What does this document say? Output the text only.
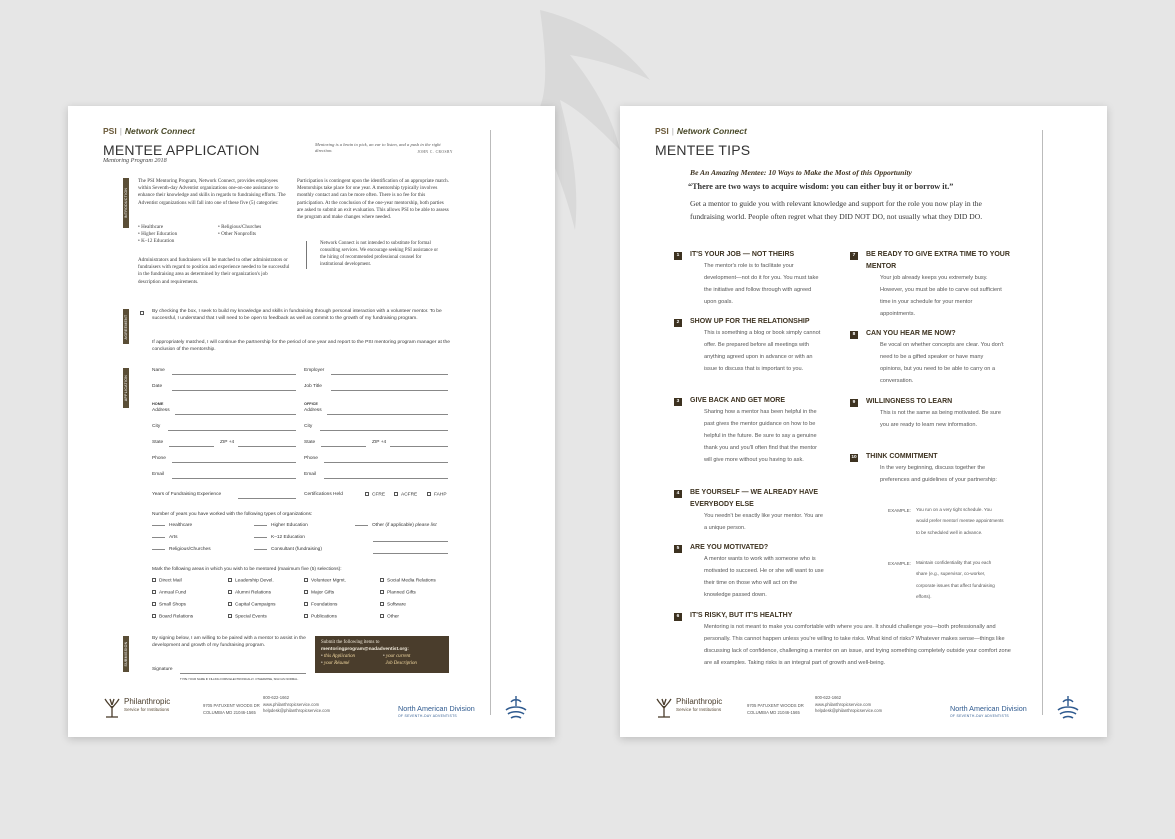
PSI | Network Connect
MENTEE APPLICATION
Mentoring Program 2018
Mentoring is a brain to pick, an ear to listen, and a push in the right direction.	JOHN C. CROSBY
INTRODUCTION
The PSI Mentoring Program, Network Connect, provides employees within Seventh-day Adventist organizations one-on-one assistance to enhance their knowledge and skills in regards to fundraising efforts. The Adventist organizations will fall into one of these five (5) categories:
• Healthcare
• Higher Education
• K–12 Education
• Religious/Churches
• Other Nonprofits
Administrators and fundraisers will be matched to other administrators or fundraisers with regard to position and experience needed to be successful in the fundraising area as determined by their organization's job description and requirements.
Participation is contingent upon the identification of an appropriate match. Mentorships take place for one year. A mentorship typically involves monthly contact and can be more often. There is no fee for this participation. At the conclusion of the one-year mentorship, both parties are asked to submit an exit evaluation. This allows PSI to be able to assess the program and make changes where needed.
Network Connect is not intended to substitute for formal consulting services. We encourage seeking PSI assistance or the hiring of recommended professional counsel for institutional development.
AGREEMENT
By checking the box, I seek to build my knowledge and skills in fundraising through personal interaction with a volunteer mentor. To be successful, I understand that I will need to be open to feedback as well as commit to the growth of my fundraising program.
If appropriately matched, I will continue the partnership for the period of one year and report to the PSI mentoring program manager at the conclusion of the mentorship.
APPLICATION
Name	Employer
Date	Job Title
HOME	OFFICE
Address	Address
City	City
State	ZIP +4	State	ZIP +4
Phone	Phone
Email	Email
Years of Fundraising Experience	Certifications Held	CFRE	ACFRE	FAHP
Number of years you have worked with the following types of organizations:
Healthcare	Higher Education	Other (if applicable) please list
Arts	K–12 Education
Religious/Churches	Consultant (fundraising)
Mark the following areas in which you wish to be mentored (maximum five (5) selections):
Direct Mail	Leadership Devel.	Volunteer Mgmt.	Social Media Relations
Annual Fund	Alumni Relations	Major Gifts	Planned Gifts
Small Shops	Capital Campaigns	Foundations	Software
Board Relations	Special Events	Publications	Other
SUBMISSION
By signing below, I am willing to be paired with a mentor to assist in the development and growth of my fundraising program.
Signature
TYPE YOUR NAME IF FILLING FORM ELECTRONICALLY. OTHERWISE, SIGN AS NORMAL.
Submit the following items to
mentoringprogram@nadadventist.org:
• this Application	• your current
• your Résumé	Job Description
Philanthropic
Service for Institutions
9705 PATUXENT WOODS DR
COLUMBIA MD 21046-1565
800-622-1662
www.philanthropicservice.com
helpdesk@philanthropicservice.com	North American Division
OF SEVENTH-DAY ADVENTISTS
PSI | Network Connect
MENTEE TIPS
Be An Amazing Mentee: 10 Ways to Make the Most of this Opportunity
“There are two ways to acquire wisdom: you can either buy it or borrow it.”
Get a mentor to guide you with relevant knowledge and support for the role you now play in the fundraising world. People often regret what they DID NOT DO, not usually what they DID DO.
1	IT'S YOUR JOB — NOT THEIRS
The mentor's role is to facilitate your development—not do it for you. You must take the initiative and follow through with agreed upon goals.
2	SHOW UP FOR THE RELATIONSHIP
This is something a blog or book simply cannot offer. Be prepared before all meetings with anything agreed upon in advance or with an issue to discuss that is important to you.
3	GIVE BACK AND GET MORE
Sharing how a mentor has been helpful in the past gives the mentor guidance on how to be helpful in the future. Be sure to say a genuine thank you and you'll often find that the mentor will give more without you having to ask.
4	BE YOURSELF — WE ALREADY HAVE EVERYBODY ELSE
You needn't be exactly like your mentor. You are a unique person.
5	ARE YOU MOTIVATED?
A mentor wants to work with someone who is motivated to succeed. He or she will want to use their time on those who will act on the knowledge passed down.
6	IT'S RISKY, BUT IT'S HEALTHY
Mentoring is not meant to make you comfortable with where you are. It should challenge you—both professionally and personally. This cannot happen unless you're willing to take risks. What kind of risks? Whatever makes sense—things like discussing lack of confidence, challenging a mentor on an issue, and trying something completely outside your comfort zone are all examples. Taking risks is an integral part of growth and well-being.
7	BE READY TO GIVE EXTRA TIME TO YOUR MENTOR
Your job already keeps you extremely busy. However, you must be able to carve out sufficient time in your schedule for your mentor appointments.
8	CAN YOU HEAR ME NOW?
Be vocal on whether concepts are clear. You don't need to be a gifted speaker or have many opinions, but you need to be able to carry on a conversation.
9	WILLINGNESS TO LEARN
This is not the same as being motivated. Be sure you are ready to learn new information.
10 THINK COMMITMENT
In the very beginning, discuss together the preferences and guidelines of your partnership:
EXAMPLE: You run on a very tight schedule. You would prefer mentor/ mentee appointments to be scheduled well in advance.
EXAMPLE: Maintain confidentiality that you each share (e.g., supervisor, co-worker, corporate issues that affect fundraising efforts).
Philanthropic
Service for Institutions
9705 PATUXENT WOODS DR
COLUMBIA MD 21046-1565
800-622-1662
www.philanthropicservice.com
helpdesk@philanthropicservice.com	North American Division
OF SEVENTH-DAY ADVENTISTS
